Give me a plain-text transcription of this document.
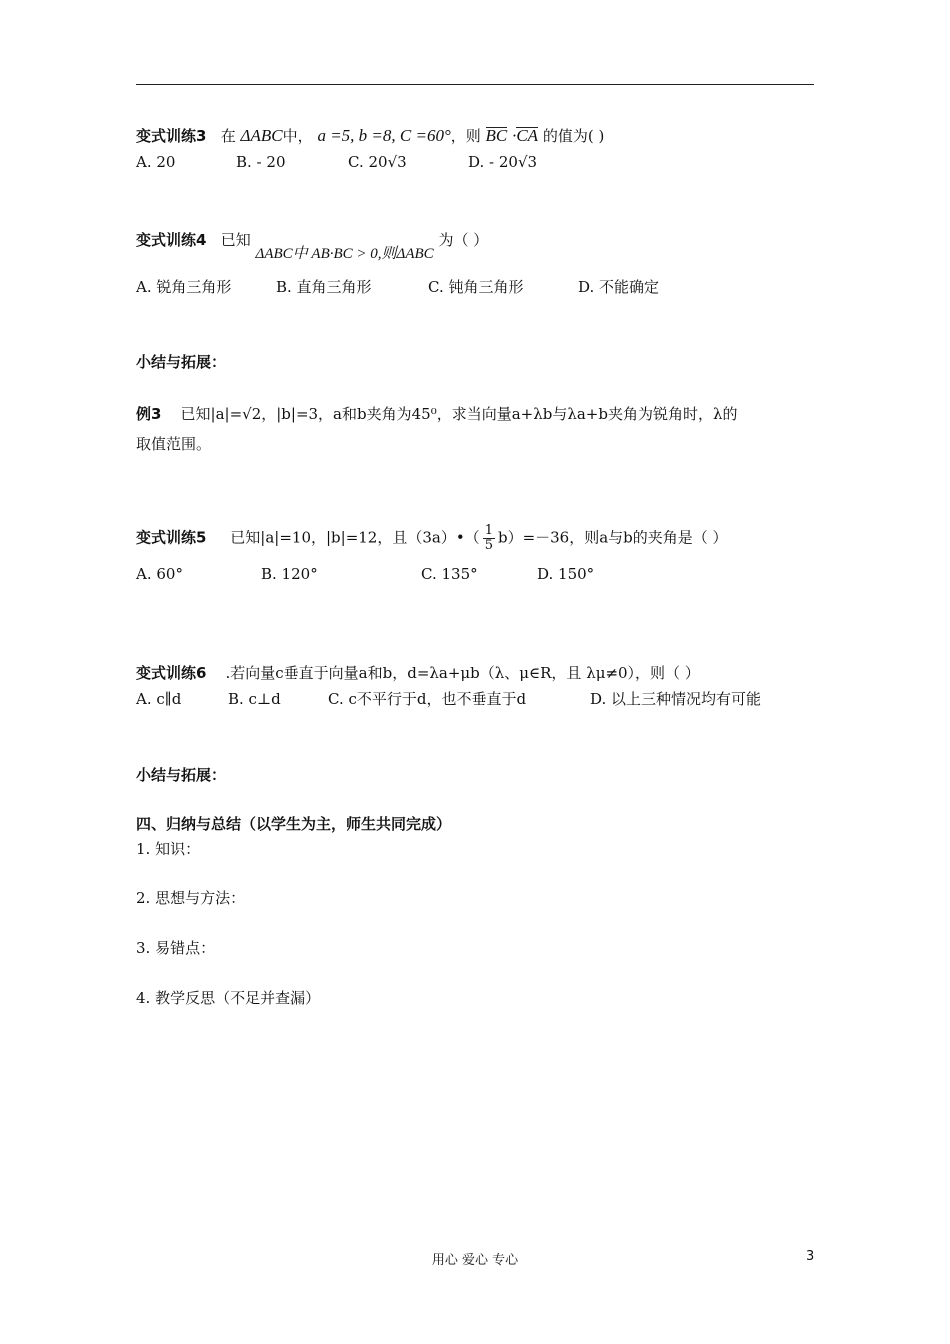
变式训练3 在 ΔABC中， a =5, b =8, C =60°，则 BC ·CA 的值为( )
A. 20	B. - 20	C. 20√3	D. - 20√3
变式训练4 已知 ΔABC中 AB·BC > 0,则ΔABC 为（ ）
A. 锐角三角形	B. 直角三角形	C. 钝角三角形	D. 不能确定
小结与拓展：
例3 已知|a|=√2，|b|=3，a和b夹角为45⁰，求当向量a+λb与λa+b夹角为锐角时，λ的
取值范围。
变式训练5 已知|a|=10，|b|=12，且（3a）•（ $\frac{1}{5} b)=-36$，则a与b的夹角是（ ）
A. 60°	B. 120°	C. 135°	D. 150°
变式训练6 .若向量c垂直于向量a和b，d=λa+μb（λ、μ∈R，且 λμ≠0），则（ ）
A. c∥d	B. c⊥d	C. c不平行于d，也不垂直于d	D. 以上三种情况均有可能
小结与拓展：
四、归纳与总结（以学生为主，师生共同完成）
1. 知识：
2. 思想与方法：
3. 易错点：
4. 教学反思（不足并查漏）
用心 爱心 专心	3
